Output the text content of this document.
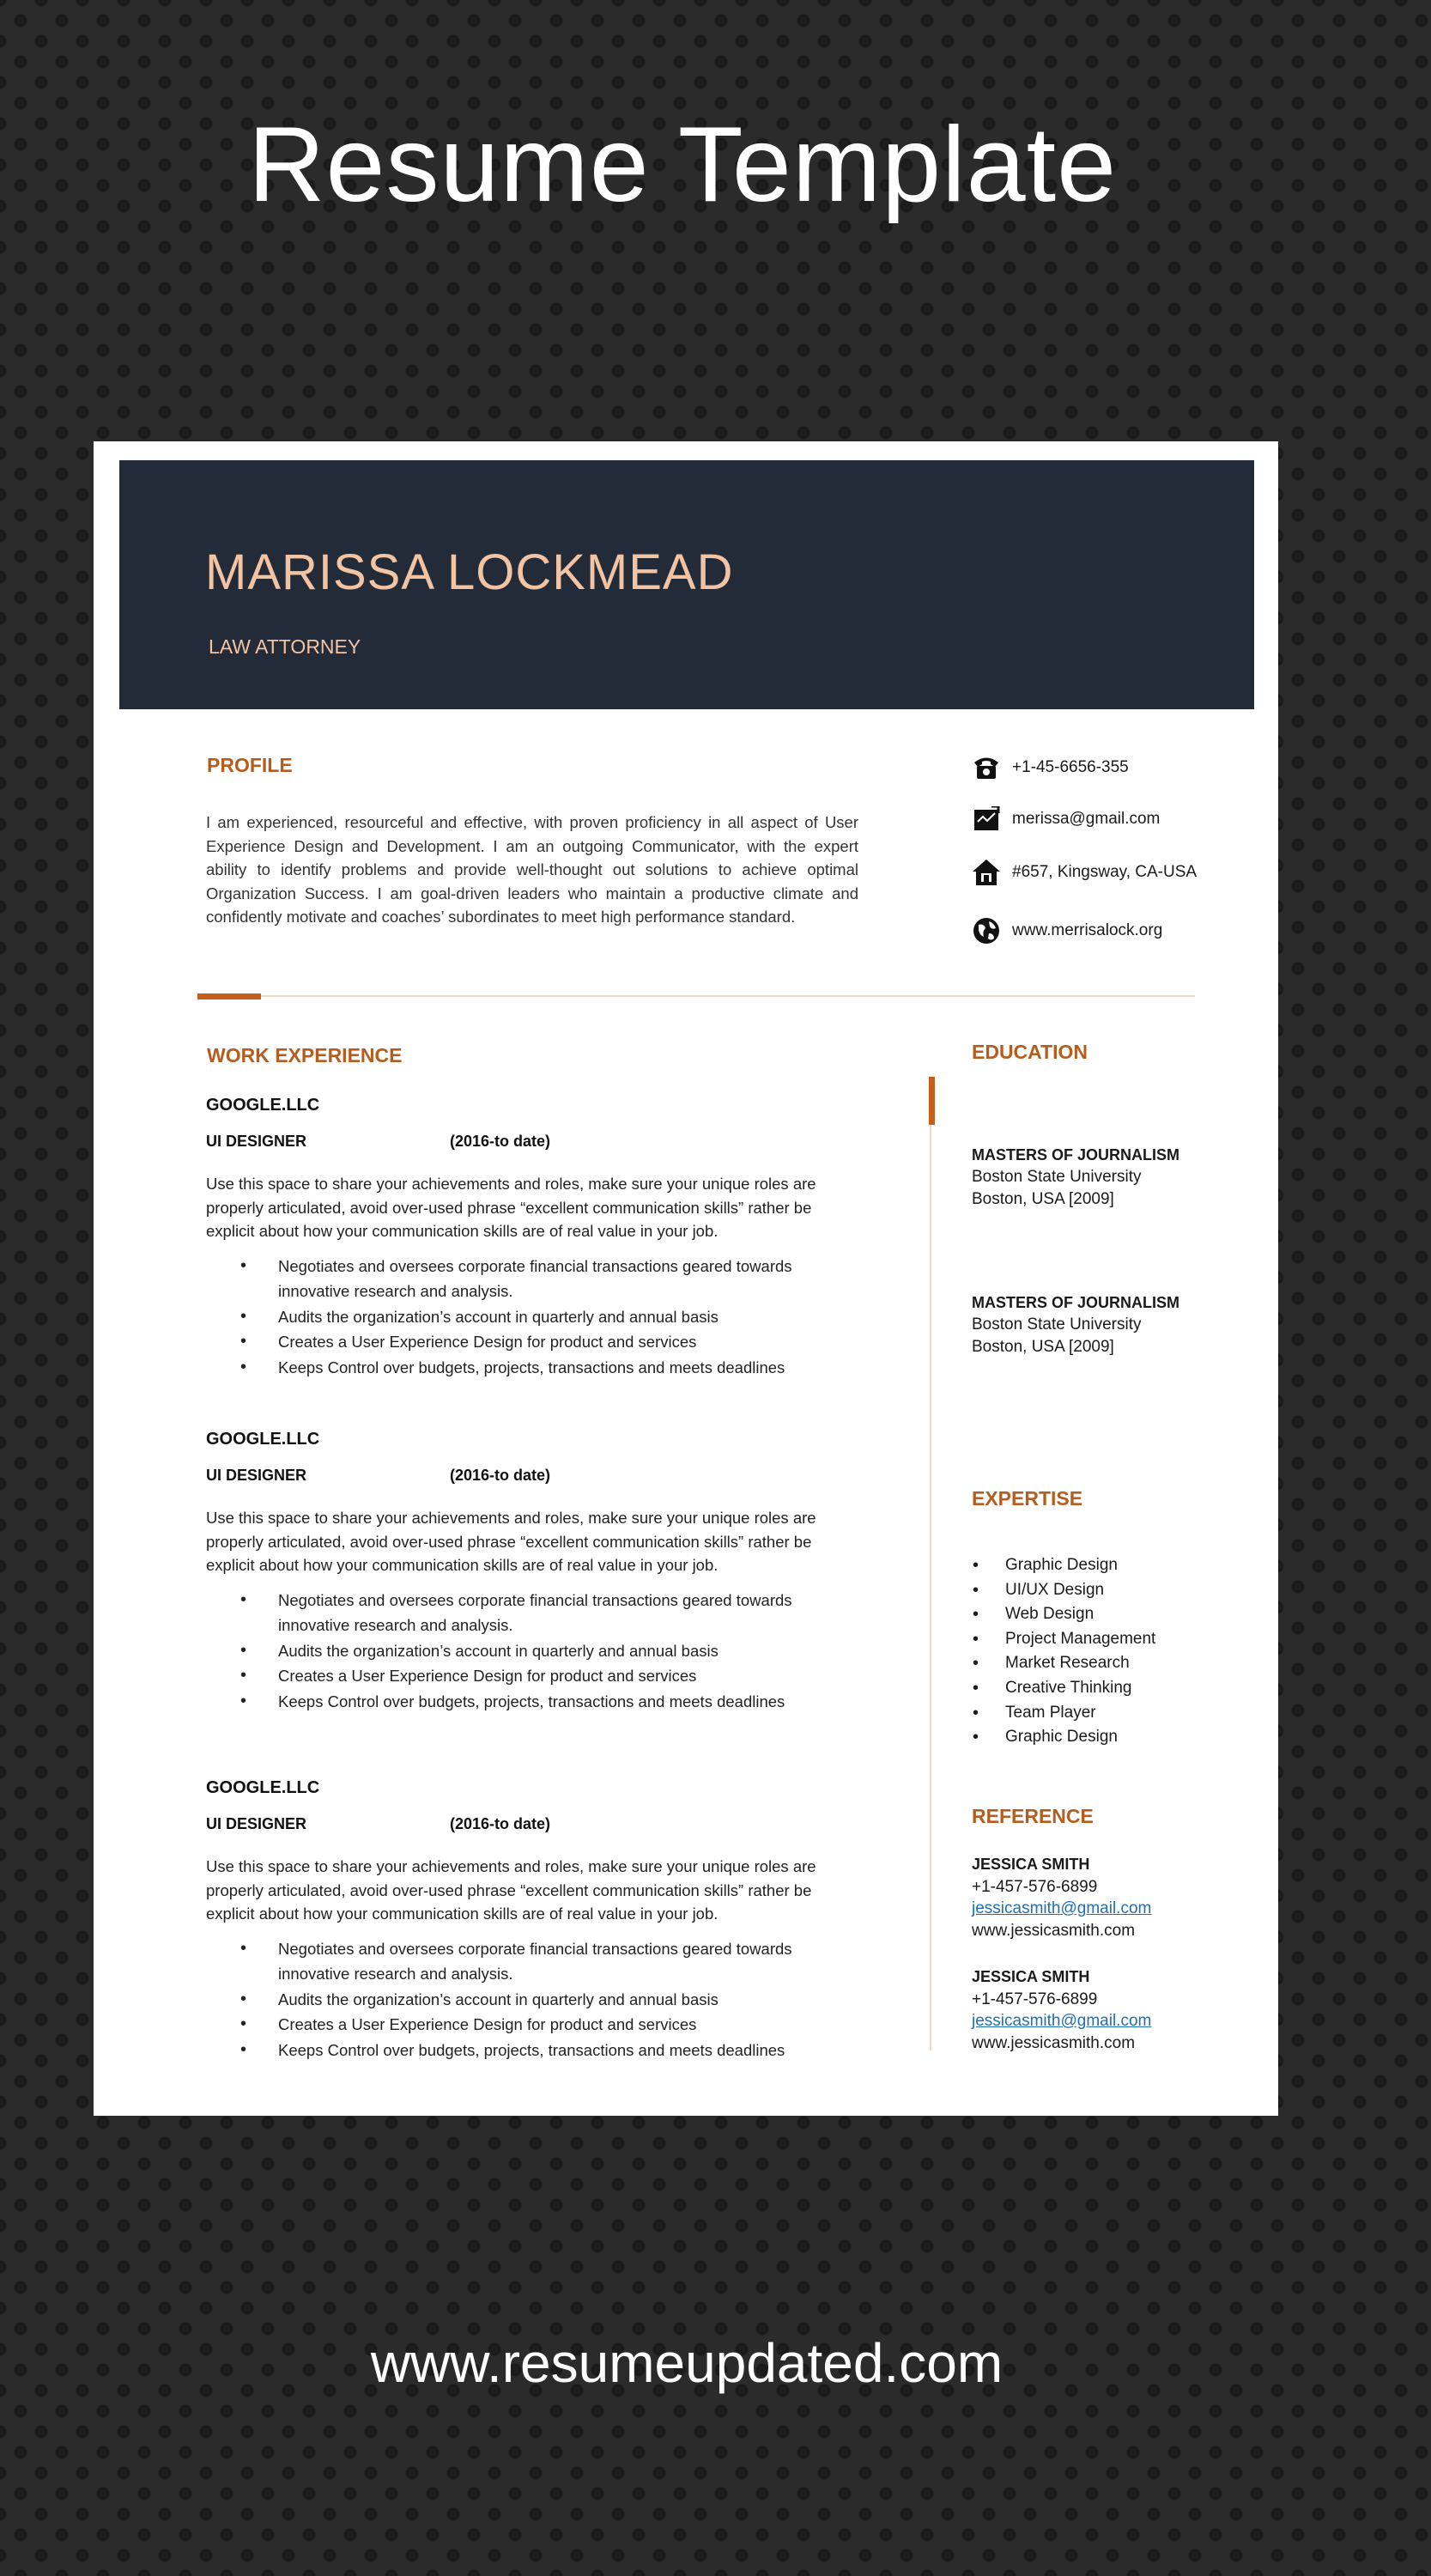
Resume Template
MARISSA LOCKMEAD
LAW ATTORNEY
PROFILE
I am experienced, resourceful and effective, with proven proficiency in all aspect of User Experience Design and Development. I am an outgoing Communicator, with the expert ability to identify problems and provide well-thought out solutions to achieve optimal Organization Success. I am goal-driven leaders who maintain a productive climate and confidently motivate and coaches’ subordinates to meet high performance standard.
+1-45-6656-355
merissa@gmail.com
#657, Kingsway, CA-USA
www.merrisalock.org
WORK EXPERIENCE
GOOGLE.LLC
UI DESIGNER	(2016-to date)
Use this space to share your achievements and roles, make sure your unique roles are properly articulated, avoid over-used phrase “excellent communication skills” rather be explicit about how your communication skills are of real value in your job.
• Negotiates and oversees corporate financial transactions geared towards innovative research and analysis.
• Audits the organization’s account in quarterly and annual basis
• Creates a User Experience Design for product and services
• Keeps Control over budgets, projects, transactions and meets deadlines
GOOGLE.LLC
UI DESIGNER	(2016-to date)
Use this space to share your achievements and roles, make sure your unique roles are properly articulated, avoid over-used phrase “excellent communication skills” rather be explicit about how your communication skills are of real value in your job.
• Negotiates and oversees corporate financial transactions geared towards innovative research and analysis.
• Audits the organization’s account in quarterly and annual basis
• Creates a User Experience Design for product and services
• Keeps Control over budgets, projects, transactions and meets deadlines
GOOGLE.LLC
UI DESIGNER	(2016-to date)
Use this space to share your achievements and roles, make sure your unique roles are properly articulated, avoid over-used phrase “excellent communication skills” rather be explicit about how your communication skills are of real value in your job.
• Negotiates and oversees corporate financial transactions geared towards innovative research and analysis.
• Audits the organization’s account in quarterly and annual basis
• Creates a User Experience Design for product and services
• Keeps Control over budgets, projects, transactions and meets deadlines
EDUCATION
MASTERS OF JOURNALISM
Boston State University
Boston, USA [2009]
MASTERS OF JOURNALISM
Boston State University
Boston, USA [2009]
EXPERTISE
• Graphic Design
• UI/UX Design
• Web Design
• Project Management
• Market Research
• Creative Thinking
• Team Player
• Graphic Design
REFERENCE
JESSICA SMITH
+1-457-576-6899
jessicasmith@gmail.com
www.jessicasmith.com
JESSICA SMITH
+1-457-576-6899
jessicasmith@gmail.com
www.jessicasmith.com
www.resumeupdated.com
